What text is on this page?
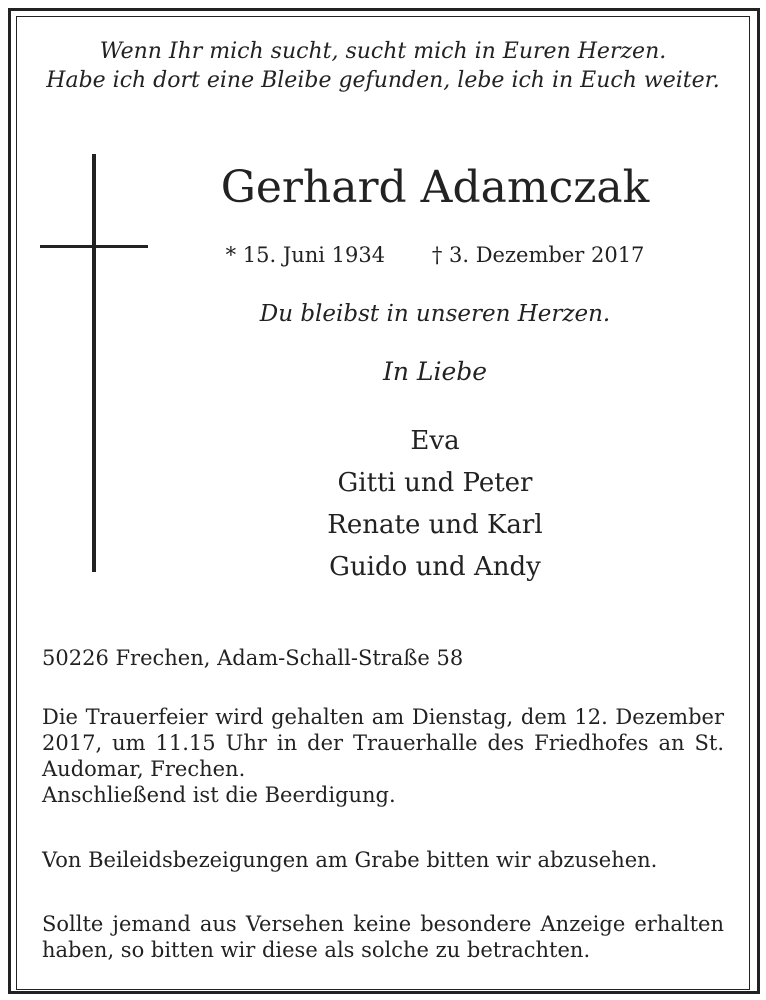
Wenn Ihr mich sucht, sucht mich in Euren Herzen.
Habe ich dort eine Bleibe gefunden, lebe ich in Euch weiter.

Gerhard Adamczak
* 15. Juni 1934 † 3. Dezember 2017
Du bleibst in unseren Herzen.
In Liebe
Eva
Gitti und Peter
Renate und Karl
Guido und Andy

50226 Frechen, Adam-Schall-Straße 58

Die Trauerfeier wird gehalten am Dienstag, dem 12. Dezember 2017, um 11.15 Uhr in der Trauerhalle des Friedhofes an St. Audomar, Frechen.
Anschließend ist die Beerdigung.

Von Beileidsbezeigungen am Grabe bitten wir abzusehen.

Sollte jemand aus Versehen keine besondere Anzeige erhalten haben, so bitten wir diese als solche zu betrachten.
